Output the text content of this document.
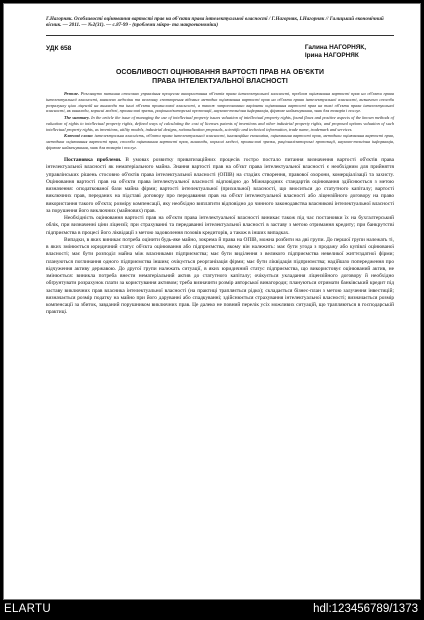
Г.Нагорняк. Особливості оцінювання вартості прав на об'єкти права інтелектуальної власності / Г.Нагорняк, І.Нагорняк // Галицький економічний вісник. — 2011. — №2(31). — с.87-99 - (проблеми мікро- та макроекономіки)
УДК 658	Галина НАГОРНЯК,
Ірина НАГОРНЯК
ОСОБЛИВОСТІ ОЦІНЮВАННЯ ВАРТОСТІ ПРАВ НА ОБ'ЄКТИ
ПРАВА ІНТЕЛЕКТУАЛЬНОЇ ВЛАСНОСТІ

Резюме. Розглянуто питання стосовно управління процесом використання об'єктів права інтелектуальної власності, проблем оцінювання вартості прав на об'єкти права інтелектуальної власності, виявлено недоліки та величину спотворення відомих методик оцінювання вартості прав на об'єкти права інтелектуальної власності, визначено способи розрахунку ціни ліцензій на винаходи та інші об'єкти промислової власності, а також запропоновано варіанти оцінювання вартості прав на такі об'єкти права інтелектуальної власності, як винаходи, корисні моделі, промислові зразки, раціоналізаторські пропозиції, науково-технічна інформація, фірмове найменування, знак для товарів і послуг.

The summary. In the article the issue of managing the use of intellectual property issues valuation of intellectual property rights, found flaws and positive aspects of the known methods of valuation of rights to intellectual property rights, defined ways of calculating the cost of licenses patents of inventions and other industrial property rights, and proposed options valuation of such intellectual property rights, as inventions, utility models, industrial designs, rationalization proposals, scientific and technical information, trade name, trademark and services.

Ключові слова: інтелектуальна власність, об'єкти права інтелектуальної власності, інноваційна економіка, оцінювання вартості прав, методики оцінювання вартості прав, методика оцінювання вартості прав, способи оцінювання вартості прав, винаходи, корисні моделі, промислові зразки, раціоналізаторські пропозиції, науково-технічна інформація, фірмове найменування, знак для товарів і послуг.

Постановка проблеми. В умовах розвитку приватизаційних процесів гостро постало питання визначення вартості об'єктів права інтелектуальної власності як нематеріального майна. Знання вартості прав на об'єкт права інтелектуальної власності є необхідним для прийняття управлінських рішень стосовно об'єктів права інтелектуальної власності (ОПІВ) на стадіях створення, правової охорони, комерціалізації та захисту. Оцінювання вартості прав на об'єкти права інтелектуальної власності відповідно до Міжнародних стандартів оцінювання здійснюється з метою визначення: оподаткованої бази майна фірми; вартості інтелектуальної (прихильної) власності, що вноситься до статутного капіталу; вартості виключних прав, переданих на підставі договору про передавання прав на об'єкт інтелектуальної власності або ліцензійного договору на право використання такого об'єкта; розміру компенсації, яку необхідно виплатити відповідно до чинного законодавства власникові інтелектуальної власності за порушення його виключних (майнових) прав.

Необхідність оцінювання вартості прав на об'єкти права інтелектуальної власності виникає також під час постановки їх на бухгалтерський облік, при визначенні ціни ліцензії; при страхуванні та передаванні інтелектуальної власності в заставу з метою отримання кредиту; при банкрутстві підприємства в процесі його ліквідації з метою задоволення позовів кредиторів, а також в інших випадках.

Випадки, в яких виникає потреба оцінити будь-яке майно, зокрема й права на ОПІВ, можна розбити на дві групи. До першої групи належать ті, в яких змінюється юридичний статус об'єкта оцінювання або підприємства, якому він належить: має бути угода з продажу або купівлі оцінюваної власності; має бути розподіл майна між власниками підприємства; має бути виділення з великого підприємства невеликої життєздатної фірми; плануються поглинання одного підприємства іншим; очікується реорганізація фірми; має бути ліквідація підприємства; надійшло попередження про відчуження активу державою. До другої групи належать ситуації, в яких юридичний статус підприємства, що використовує оцінюваний актив, не змінюється: виникла потреба внести нематеріальний актив до статутного капіталу; очікується укладання ліцензійного договору й необхідно обґрунтувати розрахунок плати за користування активом; треба визначити розмір авторської винагороди; плануються отримати банківський кредит під заставу виключних прав власника інтелектуальної власності (на практиці трапляється рідко); складається бізнес-план з метою залучення інвестицій; визначається розмір податку на майно при його даруванні або спадкуванні; здійснюється страхування інтелектуальної власності; визначається розмір компенсації за збиток, завданий порушником виключних прав. Це далеко не повний перелік усіх можливих ситуацій, що трапляються в господарській практиці.

ELARTU	hdl:123456789/1373
